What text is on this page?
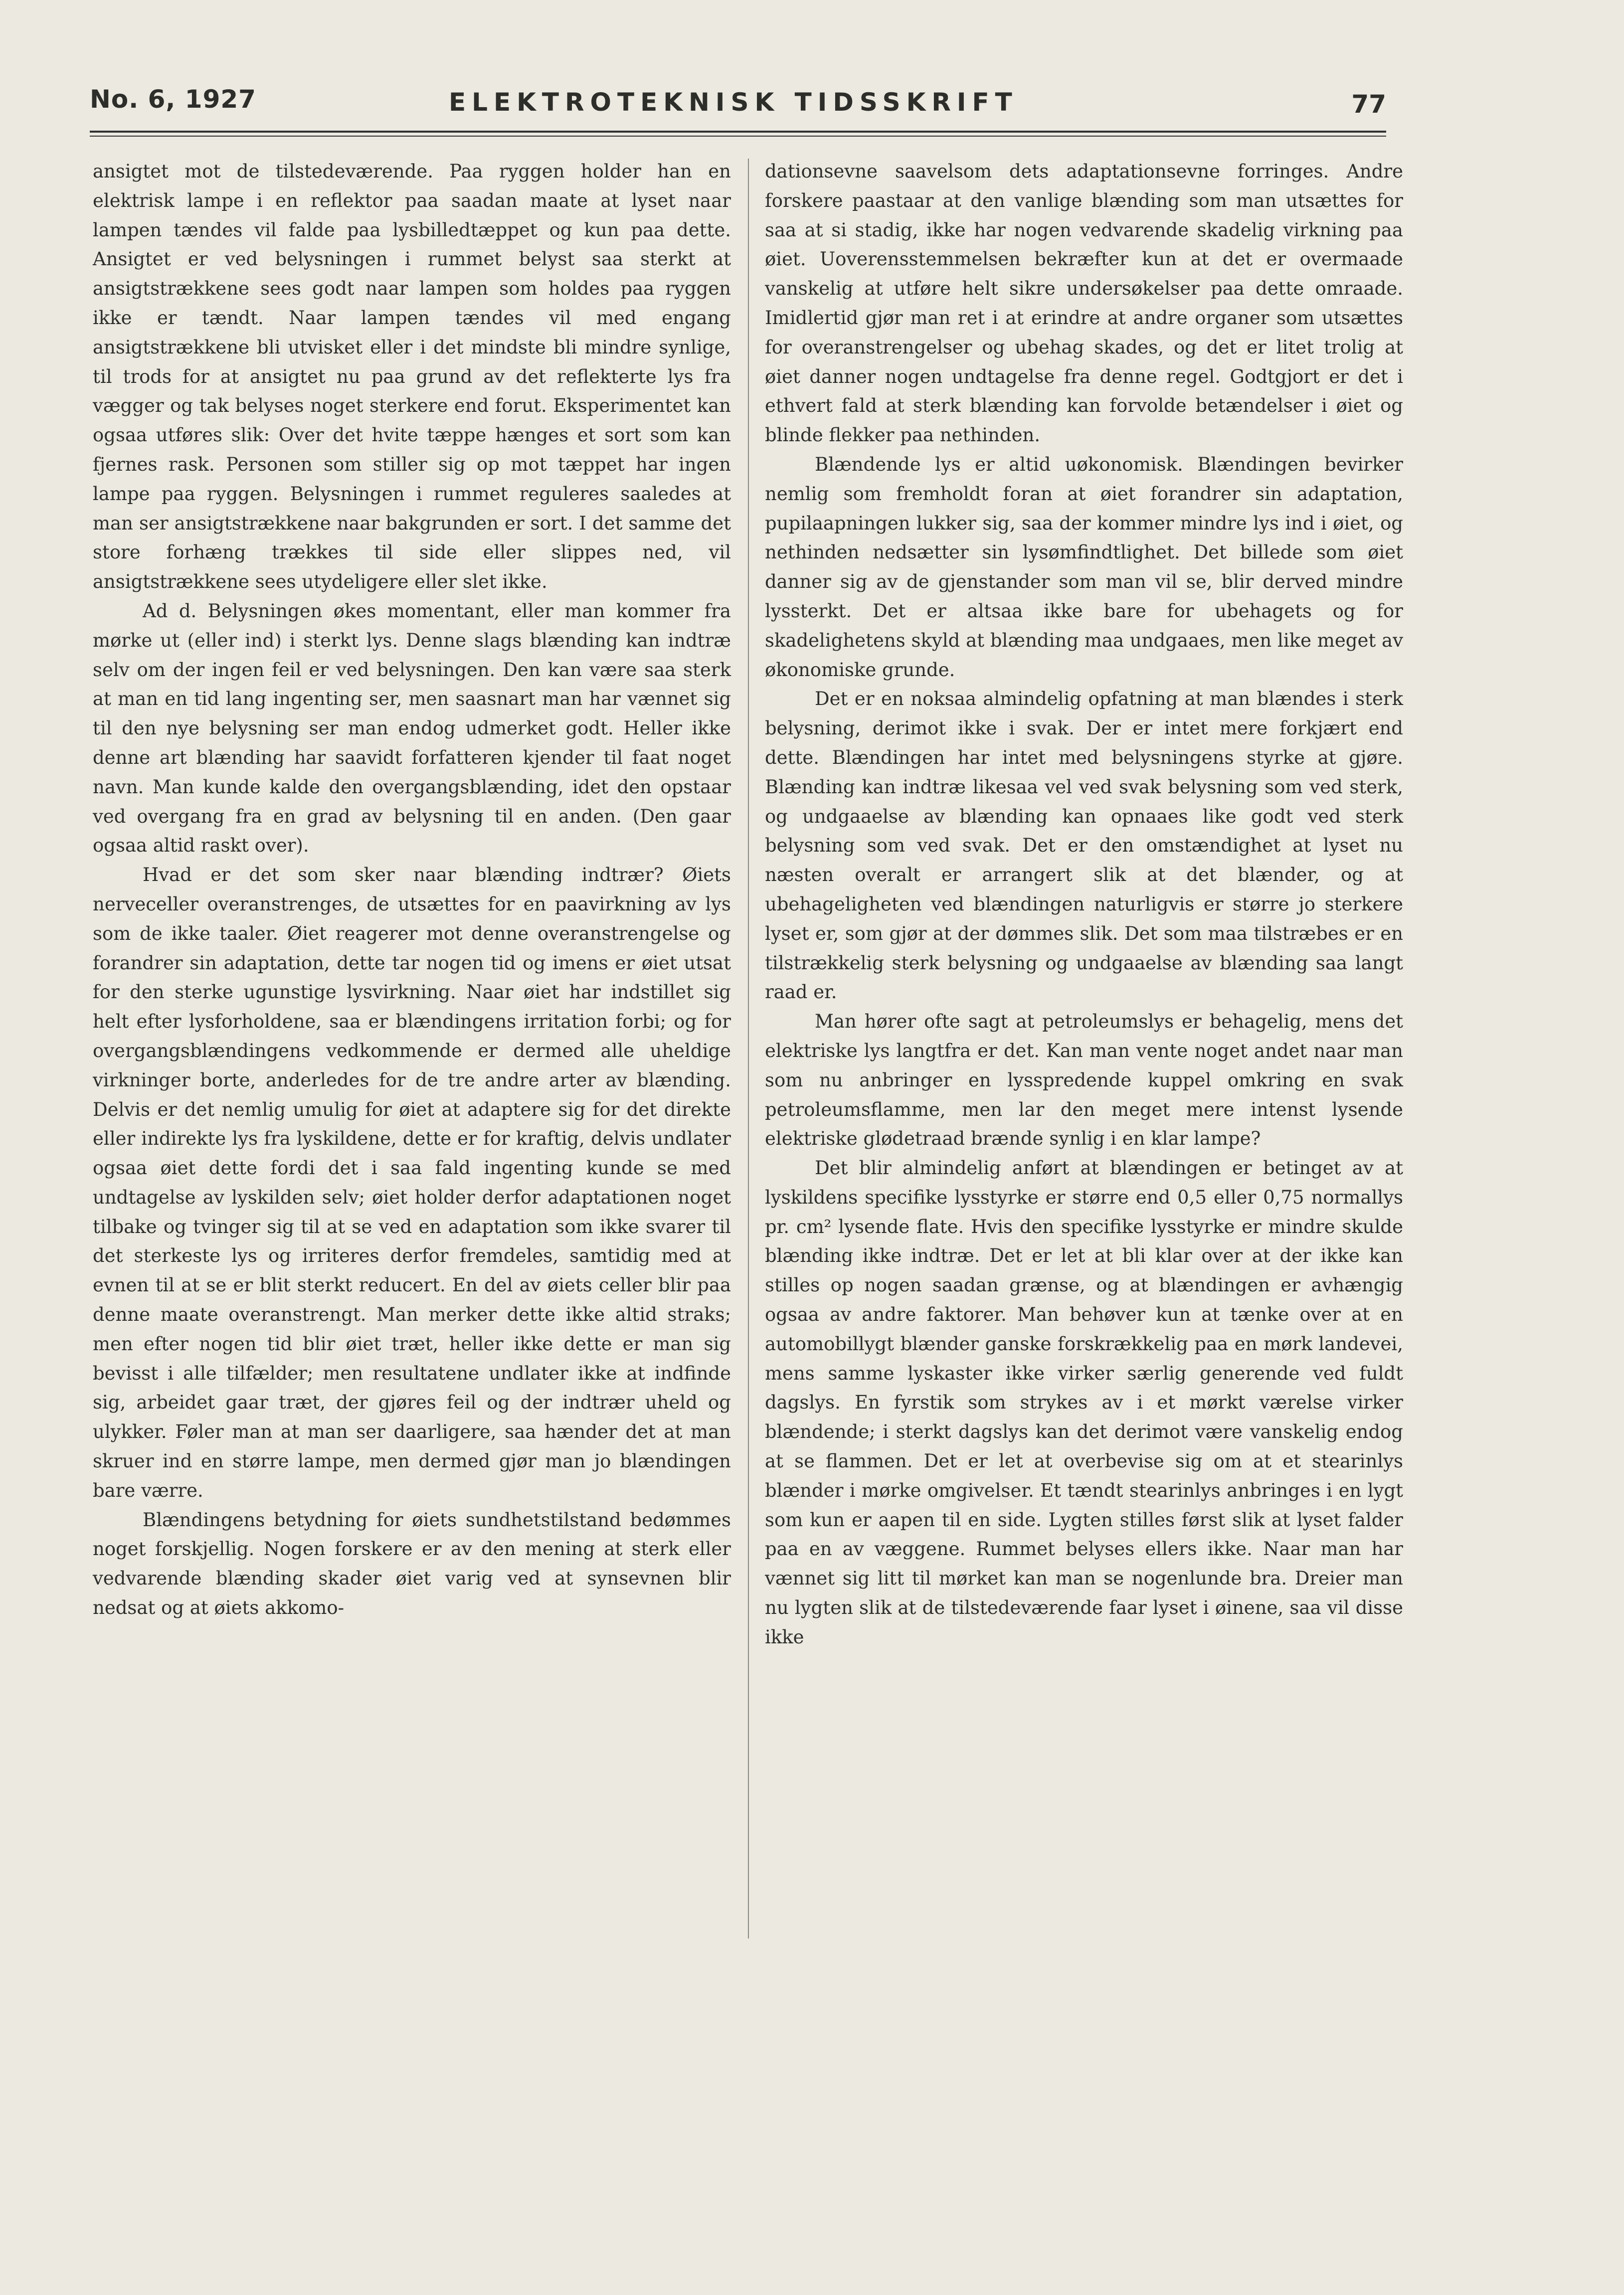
No. 6, 1927	ELEKTROTEKNISK TIDSSKRIFT	77

ansigtet mot de tilstedeværende. Paa ryggen holder han en elektrisk lampe i en reflektor paa saadan maate at lyset naar lampen tændes vil falde paa lysbilledtæppet og kun paa dette. Ansigtet er ved belysningen i rummet belyst saa sterkt at ansigtstrækkene sees godt naar lampen som holdes paa ryggen ikke er tændt. Naar lampen tændes vil med engang ansigtstrækkene bli utvisket eller i det mindste bli mindre synlige, til trods for at ansigtet nu paa grund av det reflekterte lys fra vægger og tak belyses noget sterkere end forut. Eksperimentet kan ogsaa utføres slik: Over det hvite tæppe hænges et sort som kan fjernes rask. Personen som stiller sig op mot tæppet har ingen lampe paa ryggen. Belysningen i rummet reguleres saaledes at man ser ansigtstrækkene naar bakgrunden er sort. I det samme det store forhæng trækkes til side eller slippes ned, vil ansigtstrækkene sees utydeligere eller slet ikke.

Ad d. Belysningen økes momentant, eller man kommer fra mørke ut (eller ind) i sterkt lys. Denne slags blænding kan indtræ selv om der ingen feil er ved belysningen. Den kan være saa sterk at man en tid lang ingenting ser, men saasnart man har vænnet sig til den nye belysning ser man endog udmerket godt. Heller ikke denne art blænding har saavidt forfatteren kjender til faat noget navn. Man kunde kalde den overgangsblænding, idet den opstaar ved overgang fra en grad av belysning til en anden. (Den gaar ogsaa altid raskt over).

Hvad er det som sker naar blænding indtrær? Øiets nerveceller overanstrenges, de utsættes for en paavirkning av lys som de ikke taaler. Øiet reagerer mot denne overanstrengelse og forandrer sin adaptation, dette tar nogen tid og imens er øiet utsat for den sterke ugunstige lysvirkning. Naar øiet har indstillet sig helt efter lysforholdene, saa er blændingens irritation forbi; og for overgangsblændingens vedkommende er dermed alle uheldige virkninger borte, anderledes for de tre andre arter av blænding. Delvis er det nemlig umulig for øiet at adaptere sig for det direkte eller indirekte lys fra lyskildene, dette er for kraftig, delvis undlater ogsaa øiet dette fordi det i saa fald ingenting kunde se med undtagelse av lyskilden selv; øiet holder derfor adaptationen noget tilbake og tvinger sig til at se ved en adaptation som ikke svarer til det sterkeste lys og irriteres derfor fremdeles, samtidig med at evnen til at se er blit sterkt reducert. En del av øiets celler blir paa denne maate overanstrengt. Man merker dette ikke altid straks; men efter nogen tid blir øiet træt, heller ikke dette er man sig bevisst i alle tilfælder; men resultatene undlater ikke at indfinde sig, arbeidet gaar træt, der gjøres feil og der indtrær uheld og ulykker. Føler man at man ser daarligere, saa hænder det at man skruer ind en større lampe, men dermed gjør man jo blændingen bare værre.

Blændingens betydning for øiets sundhetstilstand bedømmes noget forskjellig. Nogen forskere er av den mening at sterk eller vedvarende blænding skader øiet varig ved at synsevnen blir nedsat og at øiets akkomo-

dationsevne saavelsom dets adaptationsevne forringes. Andre forskere paastaar at den vanlige blænding som man utsættes for saa at si stadig, ikke har nogen vedvarende skadelig virkning paa øiet. Uoverensstemmelsen bekræfter kun at det er overmaade vanskelig at utføre helt sikre undersøkelser paa dette omraade. Imidlertid gjør man ret i at erindre at andre organer som utsættes for overanstrengelser og ubehag skades, og det er litet trolig at øiet danner nogen undtagelse fra denne regel. Godtgjort er det i ethvert fald at sterk blænding kan forvolde betændelser i øiet og blinde flekker paa nethinden.

Blændende lys er altid uøkonomisk. Blændingen bevirker nemlig som fremholdt foran at øiet forandrer sin adaptation, pupilaapningen lukker sig, saa der kommer mindre lys ind i øiet, og nethinden nedsætter sin lysømfindtlighet. Det billede som øiet danner sig av de gjenstander som man vil se, blir derved mindre lyssterkt. Det er altsaa ikke bare for ubehagets og for skadelighetens skyld at blænding maa undgaaes, men like meget av økonomiske grunde.

Det er en noksaa almindelig opfatning at man blændes i sterk belysning, derimot ikke i svak. Der er intet mere forkjært end dette. Blændingen har intet med belysningens styrke at gjøre. Blænding kan indtræ likesaa vel ved svak belysning som ved sterk, og undgaaelse av blænding kan opnaaes like godt ved sterk belysning som ved svak. Det er den omstændighet at lyset nu næsten overalt er arrangert slik at det blænder, og at ubehageligheten ved blændingen naturligvis er større jo sterkere lyset er, som gjør at der dømmes slik. Det som maa tilstræbes er en tilstrækkelig sterk belysning og undgaaelse av blænding saa langt raad er.

Man hører ofte sagt at petroleumslys er behagelig, mens det elektriske lys langtfra er det. Kan man vente noget andet naar man som nu anbringer en lysspredende kuppel omkring en svak petroleumsflamme, men lar den meget mere intenst lysende elektriske glødetraad brænde synlig i en klar lampe?

Det blir almindelig anført at blændingen er betinget av at lyskildens specifike lysstyrke er større end 0,5 eller 0,75 normallys pr. cm² lysende flate. Hvis den specifike lysstyrke er mindre skulde blænding ikke indtræ. Det er let at bli klar over at der ikke kan stilles op nogen saadan grænse, og at blændingen er avhængig ogsaa av andre faktorer. Man behøver kun at tænke over at en automobillygt blænder ganske forskrækkelig paa en mørk landevei, mens samme lyskaster ikke virker særlig generende ved fuldt dagslys. En fyrstik som strykes av i et mørkt værelse virker blændende; i sterkt dagslys kan det derimot være vanskelig endog at se flammen. Det er let at overbevise sig om at et stearinlys blænder i mørke omgivelser. Et tændt stearinlys anbringes i en lygt som kun er aapen til en side. Lygten stilles først slik at lyset falder paa en av væggene. Rummet belyses ellers ikke. Naar man har vænnet sig litt til mørket kan man se nogenlunde bra. Dreier man nu lygten slik at de tilstedeværende faar lyset i øinene, saa vil disse ikke
